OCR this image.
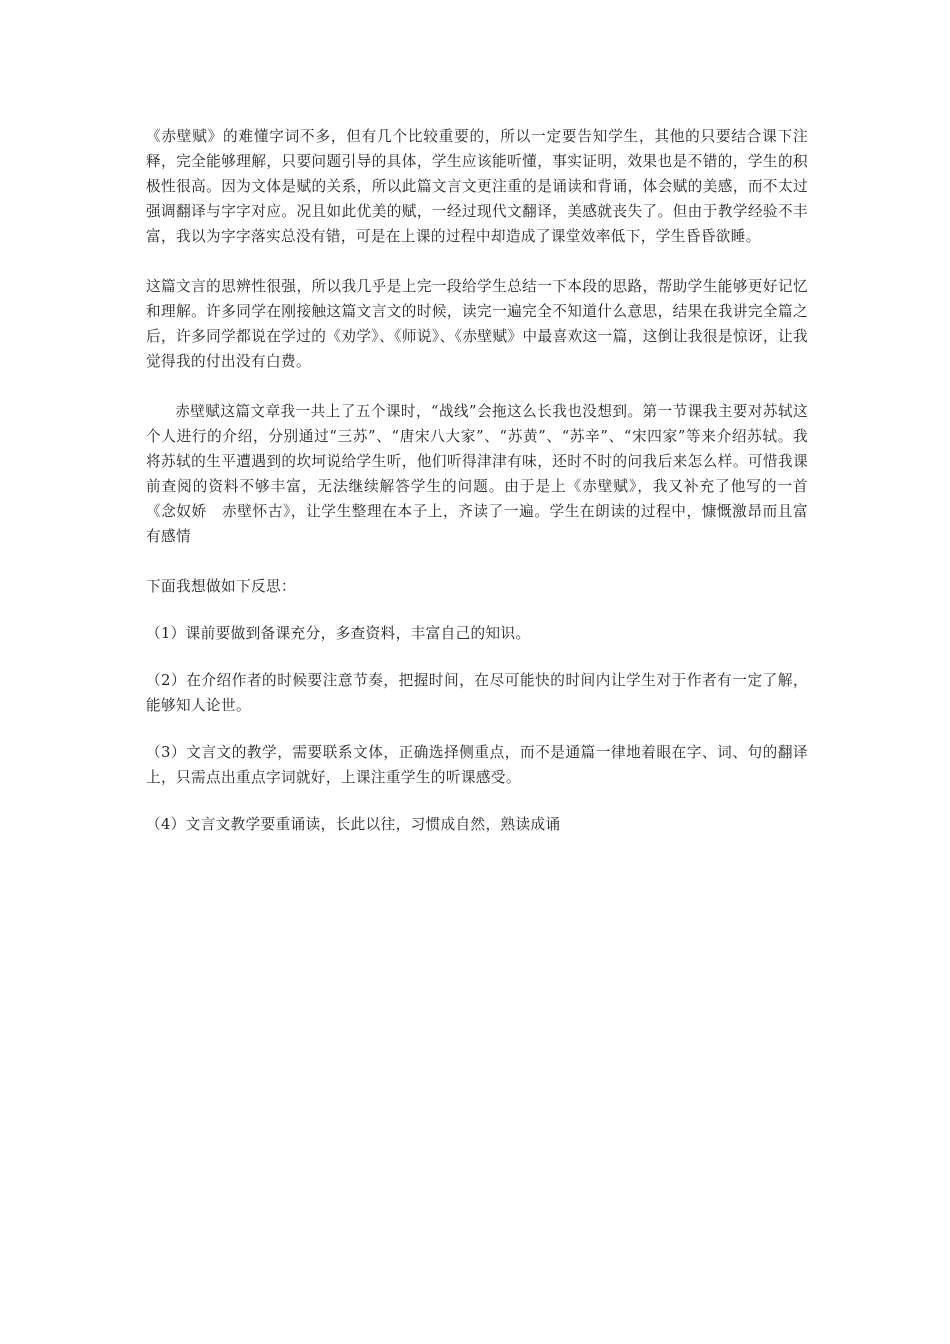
《赤壁赋》的难懂字词不多，但有几个比较重要的，所以一定要告知学生，其他的只要结合课下注释，完全能够理解，只要问题引导的具体，学生应该能听懂，事实证明，效果也是不错的，学生的积极性很高。因为文体是赋的关系，所以此篇文言文更注重的是诵读和背诵，体会赋的美感，而不太过强调翻译与字字对应。况且如此优美的赋，一经过现代文翻译，美感就丧失了。但由于教学经验不丰富，我以为字字落实总没有错，可是在上课的过程中却造成了课堂效率低下，学生昏昏欲睡。

这篇文言的思辨性很强，所以我几乎是上完一段给学生总结一下本段的思路，帮助学生能够更好记忆和理解。许多同学在刚接触这篇文言文的时候，读完一遍完全不知道什么意思，结果在我讲完全篇之后，许多同学都说在学过的《劝学》、《师说》、《赤壁赋》中最喜欢这一篇，这倒让我很是惊讶，让我觉得我的付出没有白费。

赤壁赋这篇文章我一共上了五个课时，“战线”会拖这么长我也没想到。第一节课我主要对苏轼这个人进行的介绍，分别通过“三苏”、“唐宋八大家”、“苏黄”、“苏辛”、“宋四家”等来介绍苏轼。我将苏轼的生平遭遇到的坎坷说给学生听，他们听得津津有味，还时不时的问我后来怎么样。可惜我课前查阅的资料不够丰富，无法继续解答学生的问题。由于是上《赤壁赋》，我又补充了他写的一首《念奴娇　赤壁怀古》，让学生整理在本子上，齐读了一遍。学生在朗读的过程中，慷慨激昂而且富有感情

下面我想做如下反思：

（1）课前要做到备课充分，多查资料，丰富自己的知识。

（2）在介绍作者的时候要注意节奏，把握时间，在尽可能快的时间内让学生对于作者有一定了解，能够知人论世。

（3）文言文的教学，需要联系文体，正确选择侧重点，而不是通篇一律地着眼在字、词、句的翻译上，只需点出重点字词就好，上课注重学生的听课感受。

（4）文言文教学要重诵读，长此以往，习惯成自然，熟读成诵
